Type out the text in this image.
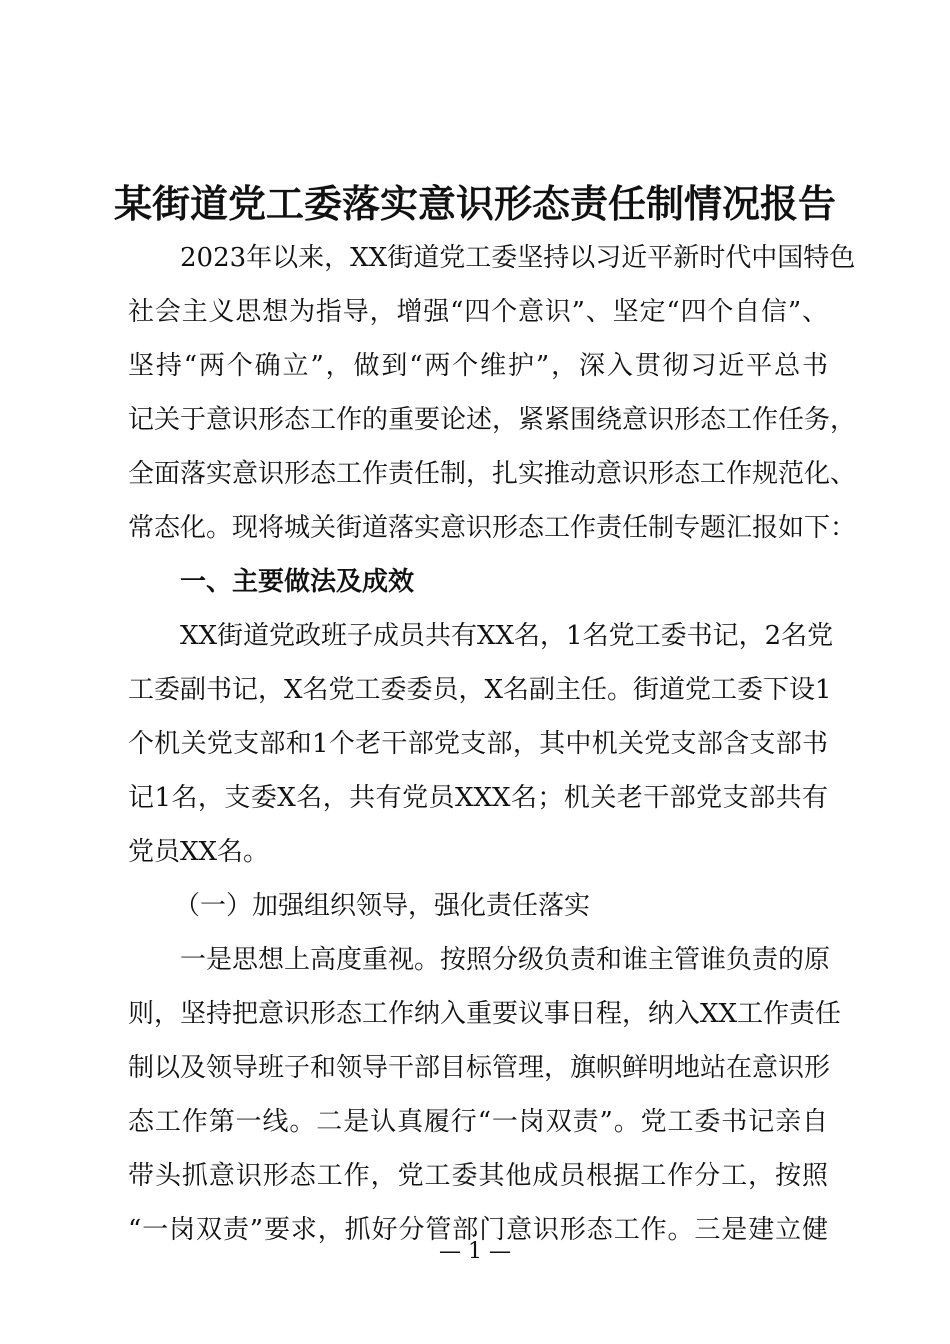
某街道党工委落实意识形态责任制情况报告

2023年以来，XX街道党工委坚持以习近平新时代中国特色

社会主义思想为指导，增强“四个意识”、坚定“四个自信”、

坚持“两个确立”，做到“两个维护”，深入贯彻习近平总书

记关于意识形态工作的重要论述，紧紧围绕意识形态工作任务，

全面落实意识形态工作责任制，扎实推动意识形态工作规范化、

常态化。现将城关街道落实意识形态工作责任制专题汇报如下：

一、主要做法及成效

XX街道党政班子成员共有XX名，1名党工委书记，2名党

工委副书记，X名党工委委员，X名副主任。街道党工委下设1

个机关党支部和1个老干部党支部，其中机关党支部含支部书

记1名，支委X名，共有党员XXX名；机关老干部党支部共有

党员XX名。

（一）加强组织领导，强化责任落实

一是思想上高度重视。按照分级负责和谁主管谁负责的原

则，坚持把意识形态工作纳入重要议事日程，纳入XX工作责任

制以及领导班子和领导干部目标管理，旗帜鲜明地站在意识形

态工作第一线。二是认真履行“一岗双责”。党工委书记亲自

带头抓意识形态工作，党工委其他成员根据工作分工，按照

“一岗双责”要求，抓好分管部门意识形态工作。三是建立健

— 1 —
